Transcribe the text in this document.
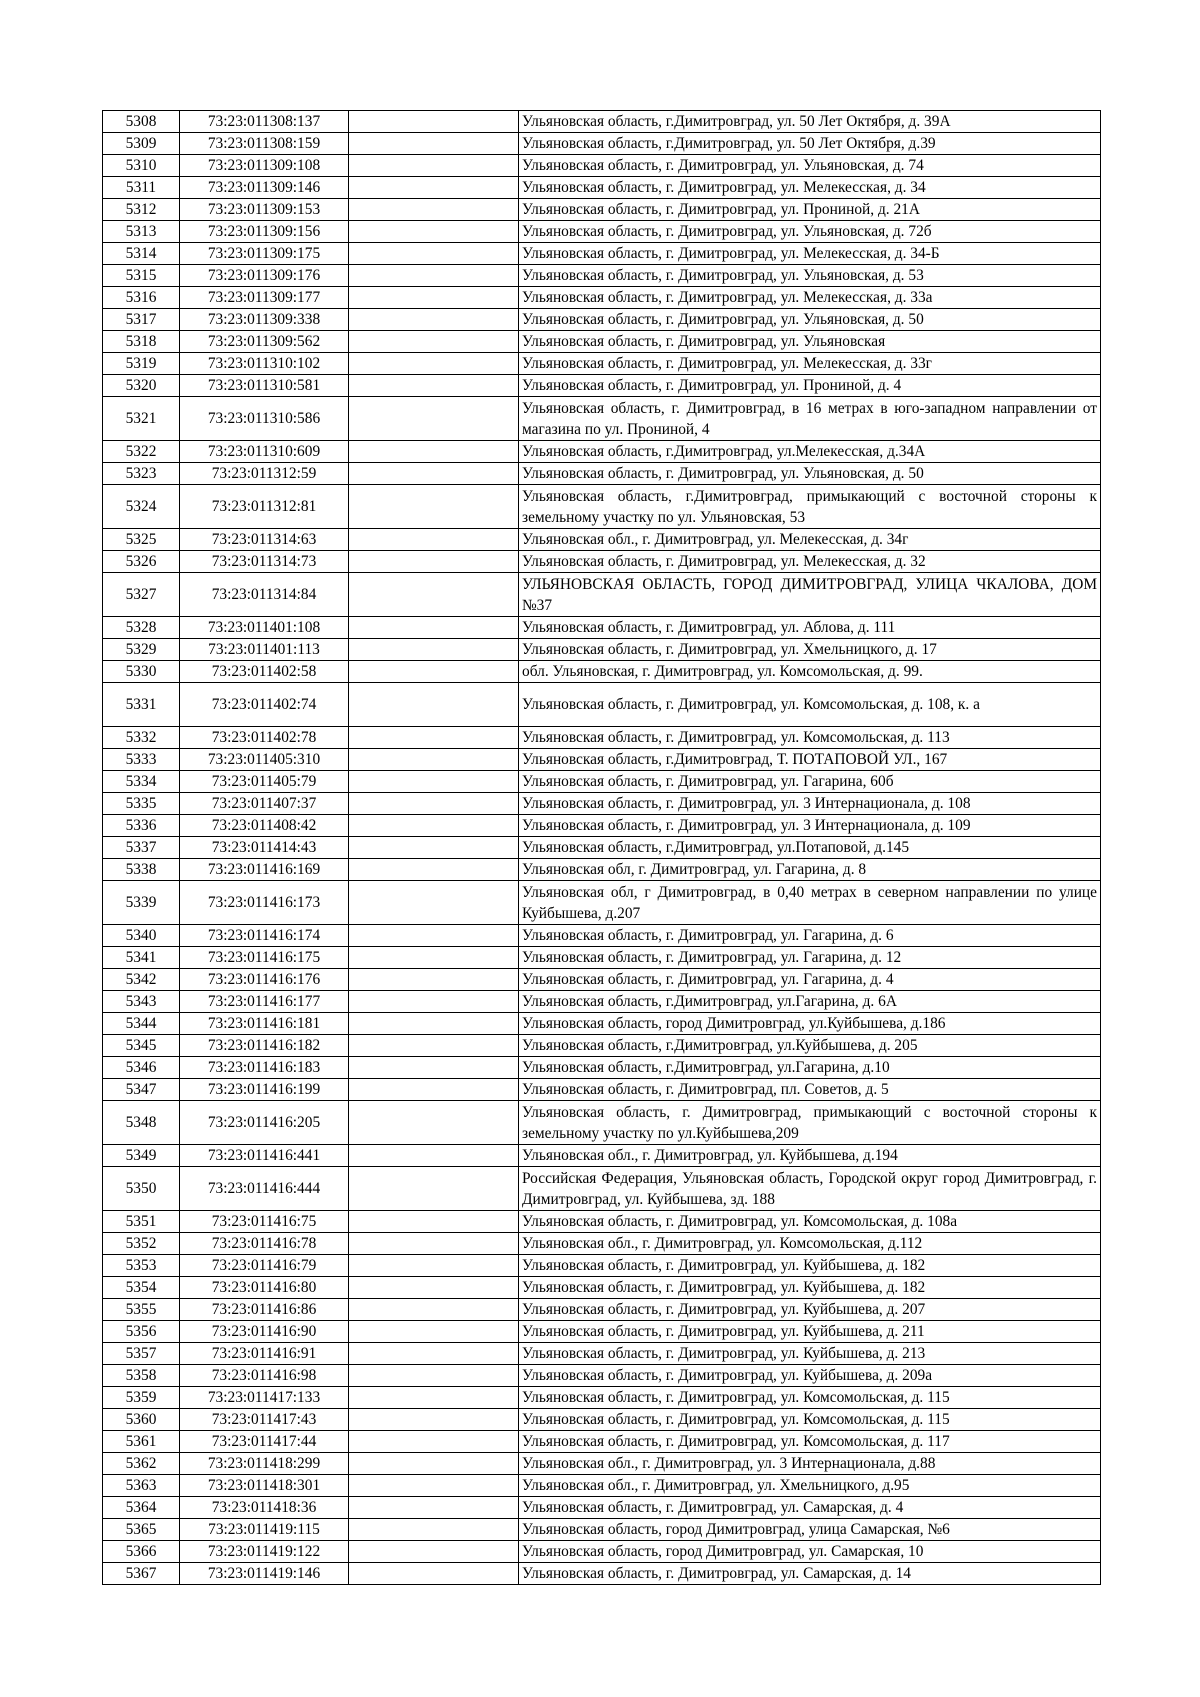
5308	73:23:011308:137		Ульяновская область, г.Димитровград, ул. 50 Лет Октября, д. 39А
5309	73:23:011308:159		Ульяновская область, г.Димитровград, ул. 50 Лет Октября, д.39
5310	73:23:011309:108		Ульяновская область, г. Димитровград, ул. Ульяновская, д. 74
5311	73:23:011309:146		Ульяновская область, г. Димитровград, ул. Мелекесская, д. 34
5312	73:23:011309:153		Ульяновская область, г. Димитровград, ул. Прониной, д. 21А
5313	73:23:011309:156		Ульяновская область, г. Димитровград, ул. Ульяновская, д. 72б
5314	73:23:011309:175		Ульяновская область, г. Димитровград, ул. Мелекесская, д. 34-Б
5315	73:23:011309:176		Ульяновская область, г. Димитровград, ул. Ульяновская, д. 53
5316	73:23:011309:177		Ульяновская область, г. Димитровград, ул. Мелекесская, д. 33а
5317	73:23:011309:338		Ульяновская область, г. Димитровград, ул. Ульяновская, д. 50
5318	73:23:011309:562		Ульяновская область, г. Димитровград, ул. Ульяновская
5319	73:23:011310:102		Ульяновская область, г. Димитровград, ул. Мелекесская, д. 33г
5320	73:23:011310:581		Ульяновская область, г. Димитровград, ул. Прониной, д. 4
5321	73:23:011310:586		Ульяновская область, г. Димитровград, в 16 метрах в юго-западном направлении от магазина по ул. Прониной, 4
5322	73:23:011310:609		Ульяновская область, г.Димитровград, ул.Мелекесская, д.34А
5323	73:23:011312:59		Ульяновская область, г. Димитровград, ул. Ульяновская, д. 50
5324	73:23:011312:81		Ульяновская область, г.Димитровград, примыкающий с восточной стороны к земельному участку по ул. Ульяновская, 53
5325	73:23:011314:63		Ульяновская обл., г. Димитровград, ул. Мелекесская, д. 34г
5326	73:23:011314:73		Ульяновская область, г. Димитровград, ул. Мелекесская, д. 32
5327	73:23:011314:84		УЛЬЯНОВСКАЯ ОБЛАСТЬ, ГОРОД ДИМИТРОВГРАД, УЛИЦА ЧКАЛОВА, ДОМ №37
5328	73:23:011401:108		Ульяновская область, г. Димитровград, ул. Аблова, д. 111
5329	73:23:011401:113		Ульяновская область, г. Димитровград, ул. Хмельницкого, д. 17
5330	73:23:011402:58		обл. Ульяновская, г. Димитровград, ул. Комсомольская, д. 99.
5331	73:23:011402:74		Ульяновская область, г. Димитровград, ул. Комсомольская, д. 108, к. а
5332	73:23:011402:78		Ульяновская область, г. Димитровград, ул. Комсомольская, д. 113
5333	73:23:011405:310		Ульяновская область, г.Димитровград, Т. ПОТАПОВОЙ УЛ., 167
5334	73:23:011405:79		Ульяновская область, г. Димитровград, ул. Гагарина, 60б
5335	73:23:011407:37		Ульяновская область, г. Димитровград, ул. 3 Интернационала, д. 108
5336	73:23:011408:42		Ульяновская область, г. Димитровград, ул. 3 Интернационала, д. 109
5337	73:23:011414:43		Ульяновская область, г.Димитровград, ул.Потаповой, д.145
5338	73:23:011416:169		Ульяновская обл, г. Димитровград, ул. Гагарина, д. 8
5339	73:23:011416:173		Ульяновская обл, г Димитровград, в 0,40 метрах в северном направлении по улице Куйбышева, д.207
5340	73:23:011416:174		Ульяновская область, г. Димитровград, ул. Гагарина, д. 6
5341	73:23:011416:175		Ульяновская область, г. Димитровград, ул. Гагарина, д. 12
5342	73:23:011416:176		Ульяновская область, г. Димитровград, ул. Гагарина, д. 4
5343	73:23:011416:177		Ульяновская область, г.Димитровград, ул.Гагарина, д. 6А
5344	73:23:011416:181		Ульяновская область, город Димитровград, ул.Куйбышева, д.186
5345	73:23:011416:182		Ульяновская область, г.Димитровград, ул.Куйбышева, д. 205
5346	73:23:011416:183		Ульяновская область, г.Димитровград, ул.Гагарина, д.10
5347	73:23:011416:199		Ульяновская область, г. Димитровград, пл. Советов, д. 5
5348	73:23:011416:205		Ульяновская область, г. Димитровград, примыкающий с восточной стороны к земельному участку по ул.Куйбышева,209
5349	73:23:011416:441		Ульяновская обл., г. Димитровград, ул. Куйбышева, д.194
5350	73:23:011416:444		Российская Федерация, Ульяновская область, Городской округ город Димитровград, г. Димитровград, ул. Куйбышева, зд. 188
5351	73:23:011416:75		Ульяновская область, г. Димитровград, ул. Комсомольская, д. 108а
5352	73:23:011416:78		Ульяновская обл., г. Димитровград, ул. Комсомольская, д.112
5353	73:23:011416:79		Ульяновская область, г. Димитровград, ул. Куйбышева, д. 182
5354	73:23:011416:80		Ульяновская область, г. Димитровград, ул. Куйбышева, д. 182
5355	73:23:011416:86		Ульяновская область, г. Димитровград, ул. Куйбышева, д. 207
5356	73:23:011416:90		Ульяновская область, г. Димитровград, ул. Куйбышева, д. 211
5357	73:23:011416:91		Ульяновская область, г. Димитровград, ул. Куйбышева, д. 213
5358	73:23:011416:98		Ульяновская область, г. Димитровград, ул. Куйбышева, д. 209а
5359	73:23:011417:133		Ульяновская область, г. Димитровград, ул. Комсомольская, д. 115
5360	73:23:011417:43		Ульяновская область, г. Димитровград, ул. Комсомольская, д. 115
5361	73:23:011417:44		Ульяновская область, г. Димитровград, ул. Комсомольская, д. 117
5362	73:23:011418:299		Ульяновская обл., г. Димитровград, ул. 3 Интернационала, д.88
5363	73:23:011418:301		Ульяновская обл., г. Димитровград, ул. Хмельницкого, д.95
5364	73:23:011418:36		Ульяновская область, г. Димитровград, ул. Самарская, д. 4
5365	73:23:011419:115		Ульяновская область, город Димитровград, улица Самарская, №6
5366	73:23:011419:122		Ульяновская область, город Димитровград, ул. Самарская, 10
5367	73:23:011419:146		Ульяновская область, г. Димитровград, ул. Самарская, д. 14
